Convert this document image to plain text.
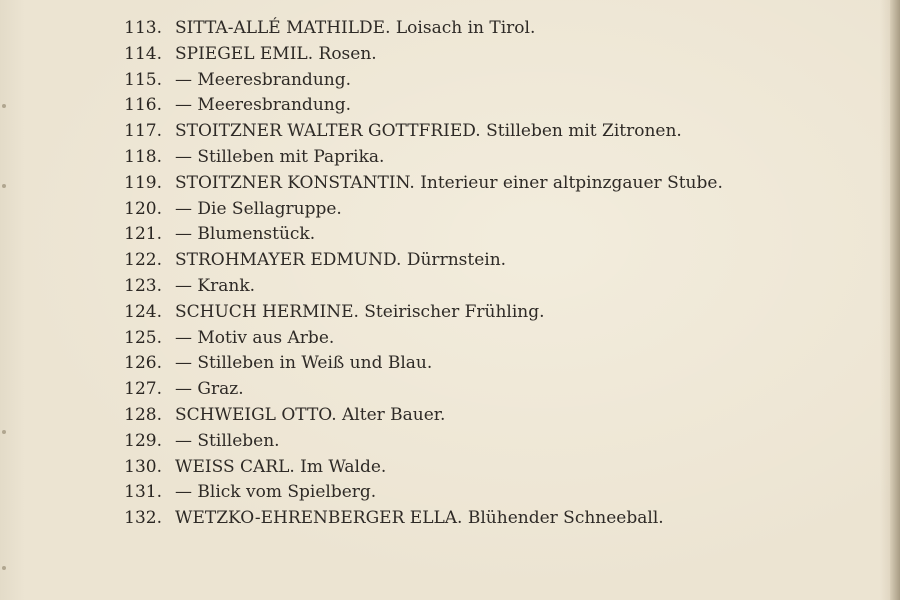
113. SITTA-ALLÉ MATHILDE. Loisach in Tirol.
114. SPIEGEL EMIL. Rosen.
115. — Meeresbrandung.
116. — Meeresbrandung.
117. STOITZNER WALTER GOTTFRIED. Stilleben mit Zitronen.
118. — Stilleben mit Paprika.
119. STOITZNER KONSTANTIN. Interieur einer altpinzgauer Stube.
120. — Die Sellagruppe.
121. — Blumenstück.
122. STROHMAYER EDMUND. Dürrnstein.
123. — Krank.
124. SCHUCH HERMINE. Steirischer Frühling.
125. — Motiv aus Arbe.
126. — Stilleben in Weiß und Blau.
127. — Graz.
128. SCHWEIGL OTTO. Alter Bauer.
129. — Stilleben.
130. WEISS CARL. Im Walde.
131. — Blick vom Spielberg.
132. WETZKO-EHRENBERGER ELLA. Blühender Schneeball.
